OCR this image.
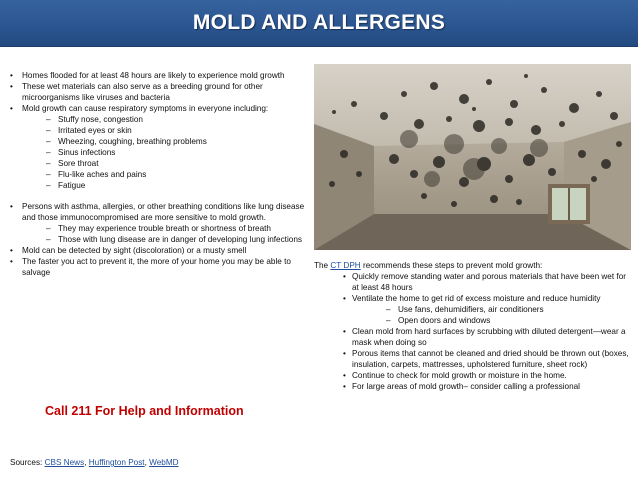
MOLD AND ALLERGENS
• Homes flooded for at least 48 hours are likely to experience mold growth
• These wet materials can also serve as a breeding ground for other microorganisms like viruses and bacteria
• Mold growth can cause respiratory symptoms in everyone including:
– Stuffy nose, congestion
– Irritated eyes or skin
– Wheezing, coughing, breathing problems
– Sinus infections
– Sore throat
– Flu-like aches and pains
– Fatigue
• Persons with asthma, allergies, or other breathing conditions like lung disease and those immunocompromised are more sensitive to mold growth.
– They may experience trouble breath or shortness of breath
– Those with lung disease are in danger of developing lung infections
• Mold can be detected by sight (discoloration) or a musty smell
• The faster you act to prevent it, the more of your home you may be able to salvage
Call 211 For Help and Information
Sources: CBS News, Huffington Post, WebMD
The CT DPH recommends these steps to prevent mold growth:
• Quickly remove standing water and porous materials that have been wet for at least 48 hours
• Ventilate the home to get rid of excess moisture and reduce humidity
– Use fans, dehumidifiers, air conditioners
– Open doors and windows
• Clean mold from hard surfaces by scrubbing with diluted detergent—wear a mask when doing so
• Porous items that cannot be cleaned and dried should be thrown out (boxes, insulation, carpets, mattresses, upholstered furniture, sheet rock)
• Continue to check for mold growth or moisture in the home.
• For large areas of mold growth– consider calling a professional
